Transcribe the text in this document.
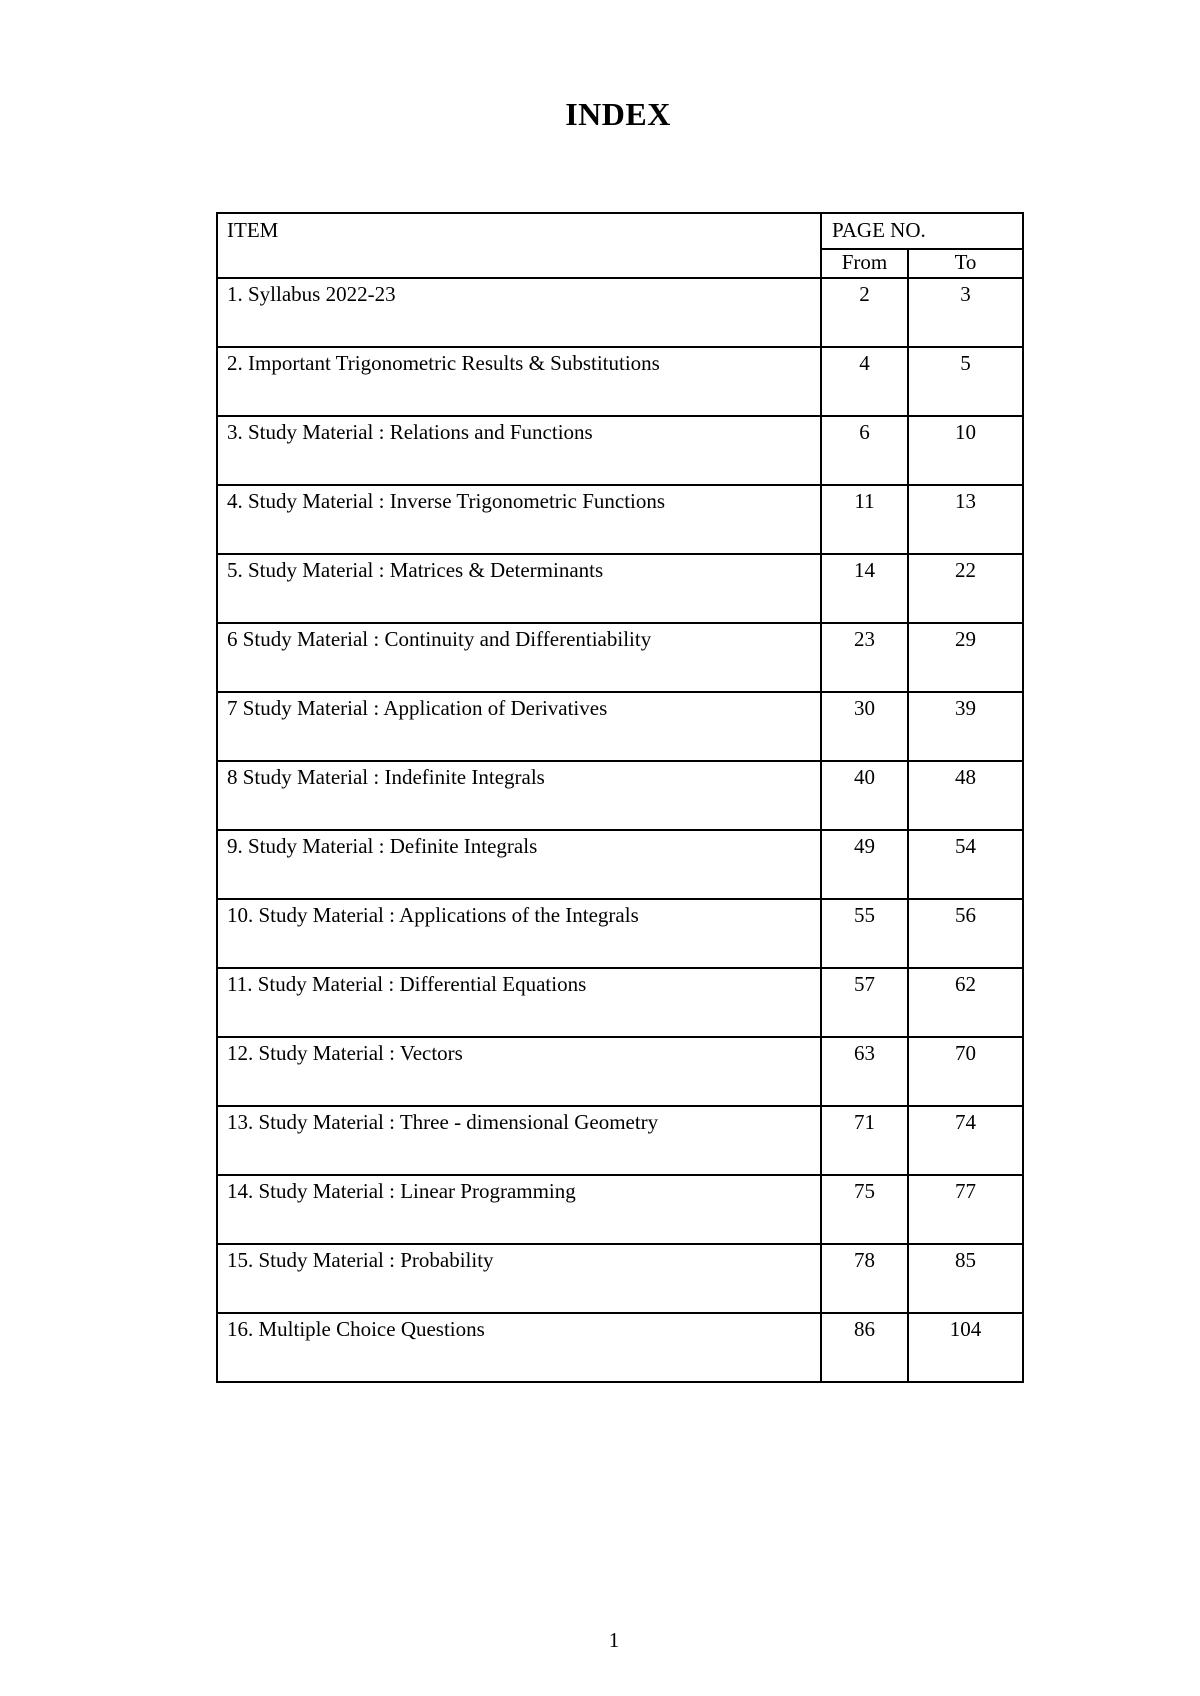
INDEX
ITEM	PAGE NO.	
	From	To
1. Syllabus 2022-23	2	3
2. Important Trigonometric Results & Substitutions	4	5
3. Study Material : Relations and Functions	6	10
4. Study Material : Inverse Trigonometric Functions	11	13
5. Study Material : Matrices & Determinants	14	22
6 Study Material : Continuity and Differentiability	23	29
7 Study Material : Application of Derivatives	30	39
8 Study Material : Indefinite Integrals	40	48
9. Study Material : Definite Integrals	49	54
10. Study Material : Applications of the Integrals	55	56
11. Study Material : Differential Equations	57	62
12. Study Material : Vectors	63	70
13. Study Material : Three - dimensional Geometry	71	74
14. Study Material : Linear Programming	75	77
15. Study Material : Probability	78	85
16. Multiple Choice Questions	86	104
1
